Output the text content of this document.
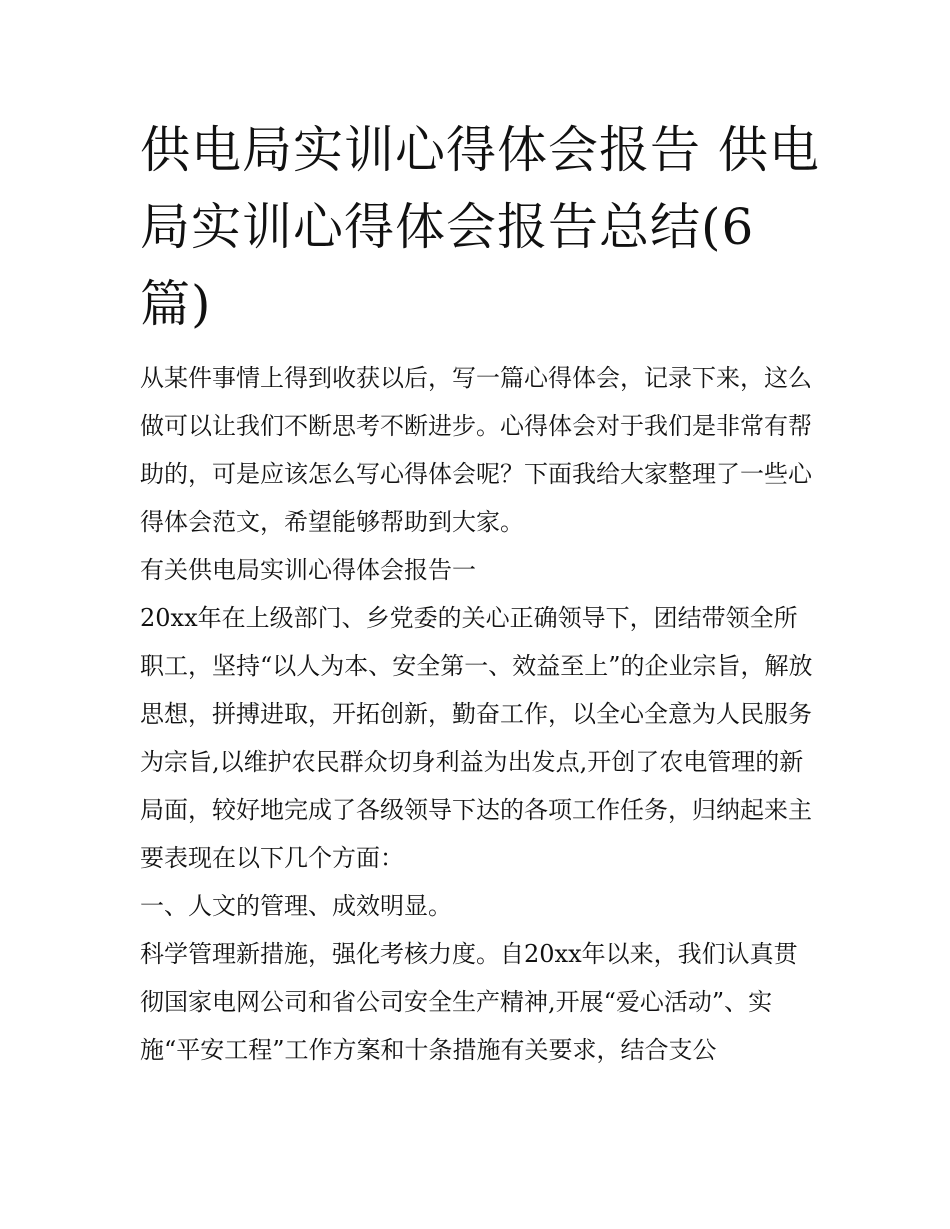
供电局实训心得体会报告 供电局实训心得体会报告总结(6篇)

从某件事情上得到收获以后，写一篇心得体会，记录下来，这么做可以让我们不断思考不断进步。心得体会对于我们是非常有帮助的，可是应该怎么写心得体会呢？下面我给大家整理了一些心得体会范文，希望能够帮助到大家。

有关供电局实训心得体会报告一

20xx年在上级部门、乡党委的关心正确领导下，团结带领全所职工，坚持“以人为本、安全第一、效益至上”的企业宗旨，解放思想，拼搏进取，开拓创新，勤奋工作，以全心全意为人民服务为宗旨,以维护农民群众切身利益为出发点,开创了农电管理的新局面，较好地完成了各级领导下达的各项工作任务，归纳起来主要表现在以下几个方面：

一、人文的管理、成效明显。

科学管理新措施，强化考核力度。自20xx年以来，我们认真贯彻国家电网公司和省公司安全生产精神,开展“爱心活动”、实施“平安工程”工作方案和十条措施有关要求，结合支公
